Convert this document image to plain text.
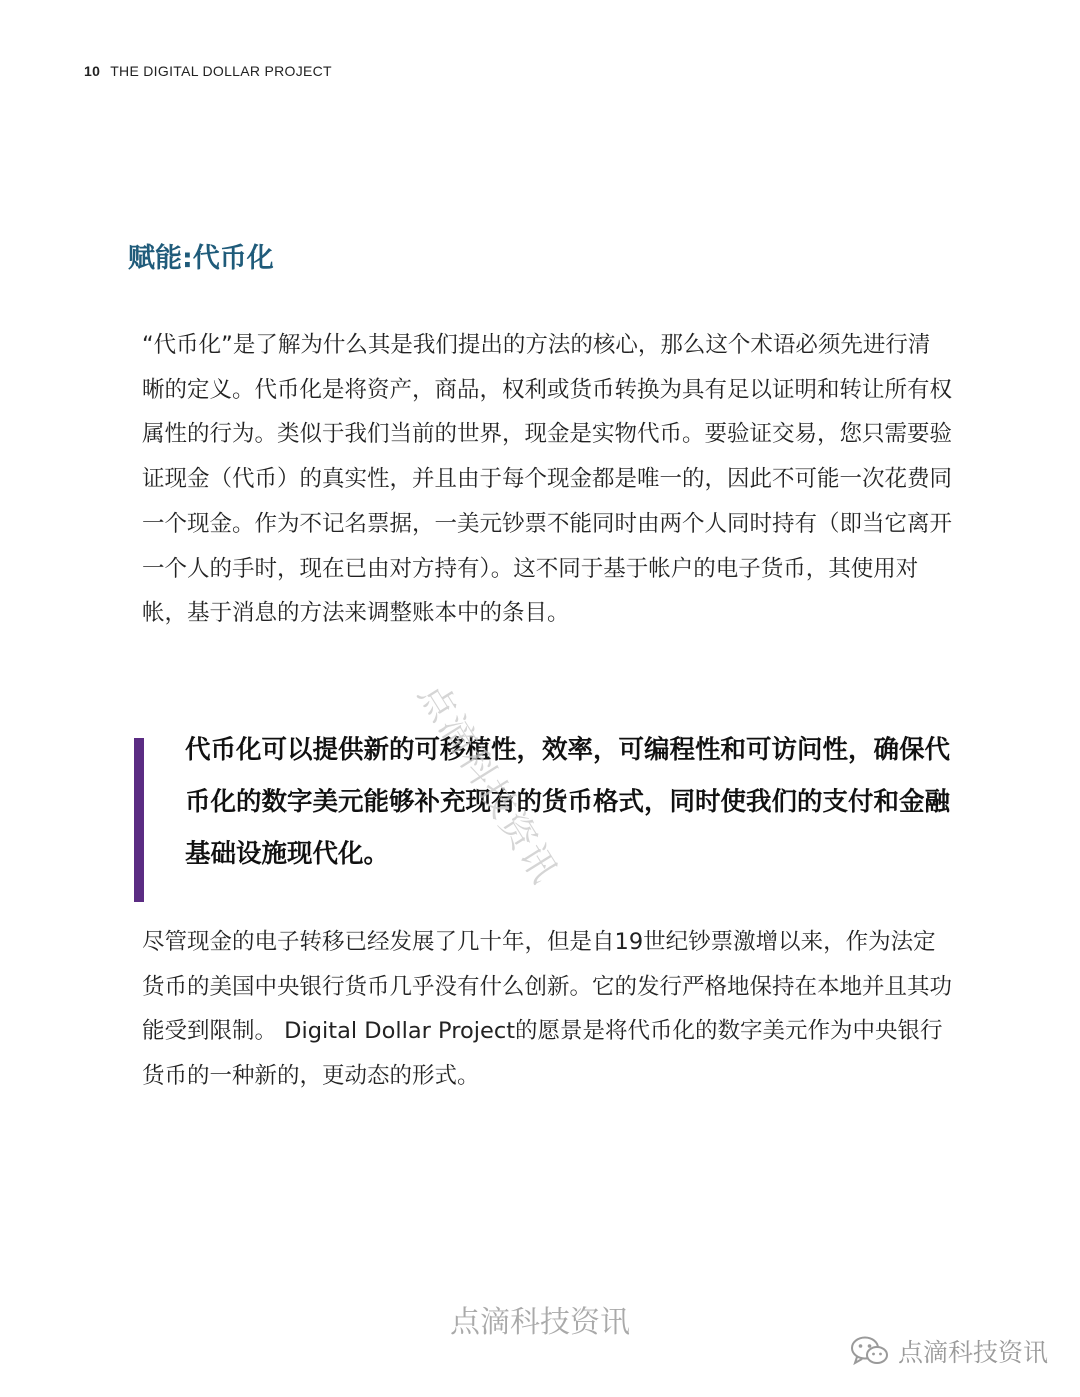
10 THE DIGITAL DOLLAR PROJECT
赋能:代币化
“代币化”是了解为什么其是我们提出的方法的核心，那么这个术语必须先进行清晰的定义。代币化是将资产，商品，权利或货币转换为具有足以证明和转让所有权属性的行为。类似于我们当前的世界，现金是实物代币。要验证交易，您只需要验证现金（代币）的真实性，并且由于每个现金都是唯一的，因此不可能一次花费同一个现金。作为不记名票据，一美元钞票不能同时由两个人同时持有（即当它离开一个人的手时，现在已由对方持有）。这不同于基于帐户的电子货币，其使用对帐，基于消息的方法来调整账本中的条目。
代币化可以提供新的可移植性，效率，可编程性和可访问性，确保代币化的数字美元能够补充现有的货币格式，同时使我们的支付和金融基础设施现代化。
尽管现金的电子转移已经发展了几十年，但是自19世纪钞票激增以来，作为法定货币的美国中央银行货币几乎没有什么创新。它的发行严格地保持在本地并且其功能受到限制。 Digital Dollar Project的愿景是将代币化的数字美元作为中央银行货币的一种新的，更动态的形式。
点滴科技资讯
点滴科技资讯
点滴科技资讯
